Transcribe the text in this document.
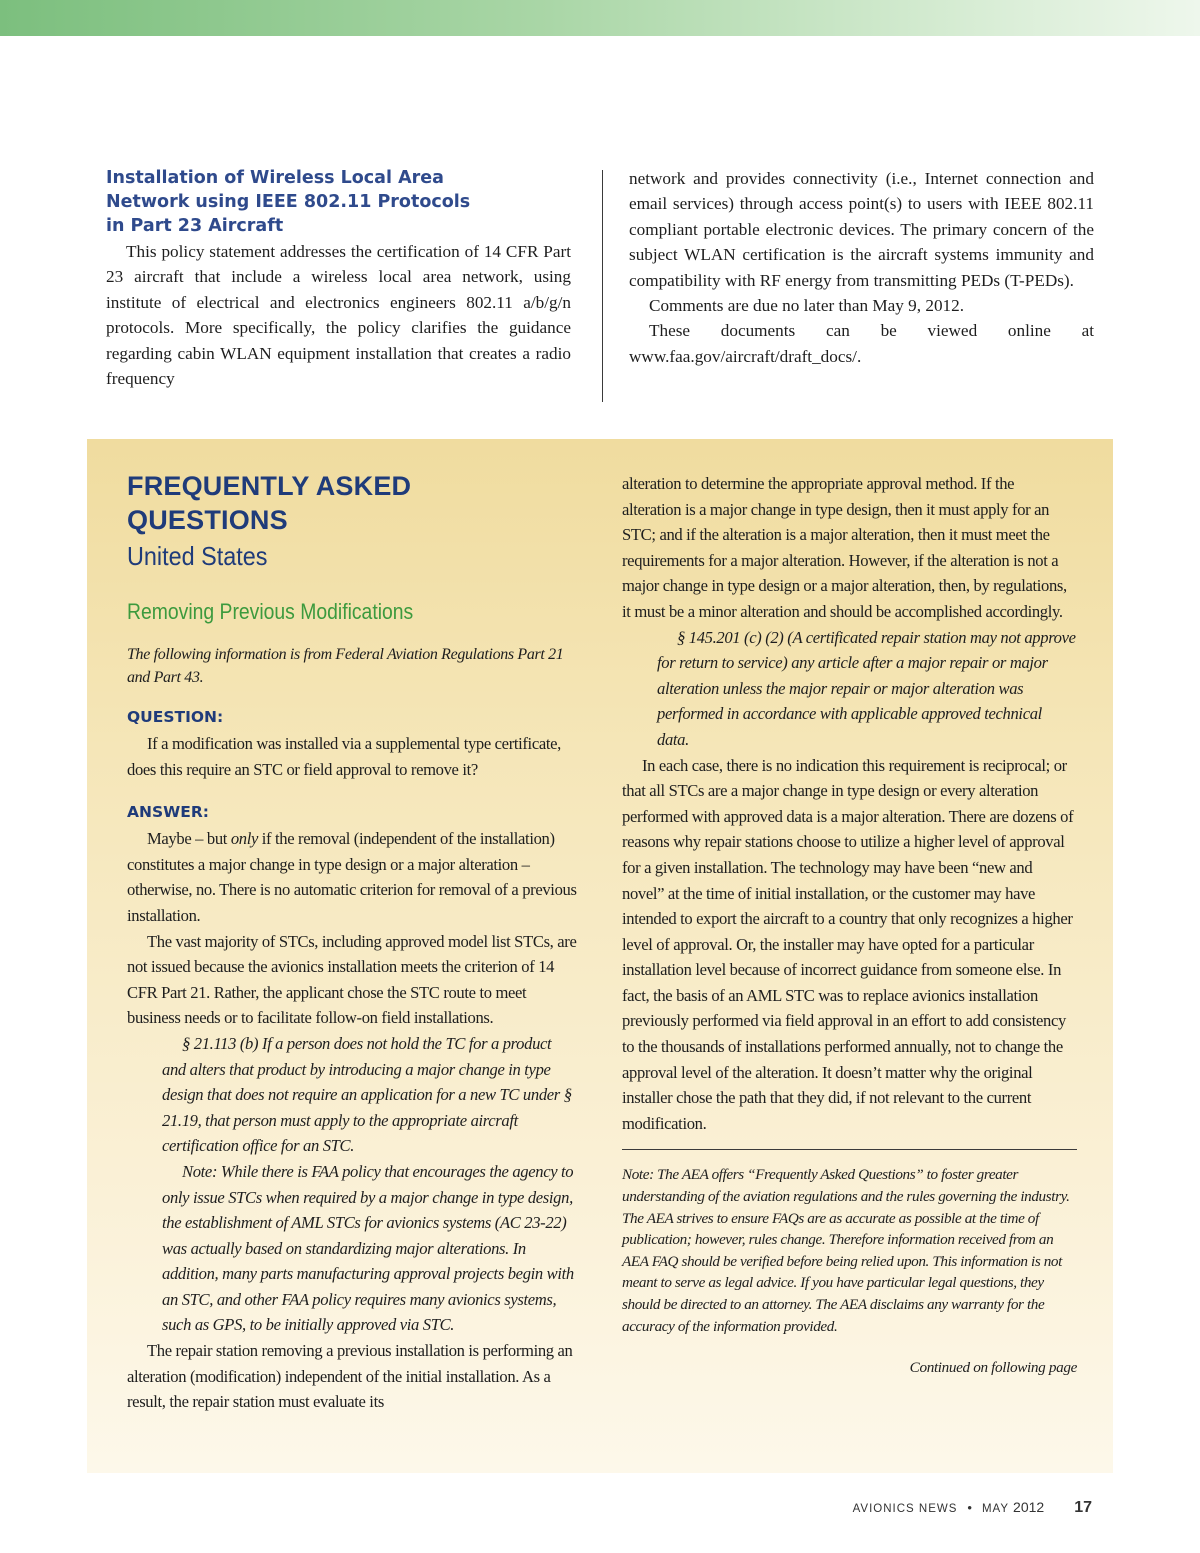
Installation of Wireless Local Area
Network using IEEE 802.11 Protocols
in Part 23 Aircraft

This policy statement addresses the certification of 14 CFR Part 23 aircraft that include a wireless local area network, using institute of electrical and electronics engineers 802.11 a/b/g/n protocols. More specifically, the policy clarifies the guidance regarding cabin WLAN equipment installation that creates a radio frequency

network and provides connectivity (i.e., Internet connection and email services) through access point(s) to users with IEEE 802.11 compliant portable electronic devices. The primary concern of the subject WLAN certification is the aircraft systems immunity and compatibility with RF energy from transmitting PEDs (T-PEDs).

Comments are due no later than May 9, 2012.

These documents can be viewed online at www.faa.gov/aircraft/draft_docs/.

FREQUENTLY ASKED QUESTIONS
United States
Removing Previous Modifications
The following information is from Federal Aviation Regulations Part 21 and Part 43.
QUESTION:

If a modification was installed via a supplemental type certificate, does this require an STC or field approval to remove it?

ANSWER:

Maybe – but only if the removal (independent of the installation) constitutes a major change in type design or a major alteration – otherwise, no. There is no automatic criterion for removal of a previous installation.

The vast majority of STCs, including approved model list STCs, are not issued because the avionics installation meets the criterion of 14 CFR Part 21. Rather, the applicant chose the STC route to meet business needs or to facilitate follow-on field installations.

§ 21.113 (b) If a person does not hold the TC for a product and alters that product by introducing a major change in type design that does not require an application for a new TC under § 21.19, that person must apply to the appropriate aircraft certification office for an STC.

Note: While there is FAA policy that encourages the agency to only issue STCs when required by a major change in type design, the establishment of AML STCs for avionics systems (AC 23-22) was actually based on standardizing major alterations. In addition, many parts manufacturing approval projects begin with an STC, and other FAA policy requires many avionics systems, such as GPS, to be initially approved via STC.

The repair station removing a previous installation is performing an alteration (modification) independent of the initial installation. As a result, the repair station must evaluate its

alteration to determine the appropriate approval method. If the alteration is a major change in type design, then it must apply for an STC; and if the alteration is a major alteration, then it must meet the requirements for a major alteration. However, if the alteration is not a major change in type design or a major alteration, then, by regulations, it must be a minor alteration and should be accomplished accordingly.

§ 145.201 (c) (2) (A certificated repair station may not approve for return to service) any article after a major repair or major alteration unless the major repair or major alteration was performed in accordance with applicable approved technical data.

In each case, there is no indication this requirement is reciprocal; or that all STCs are a major change in type design or every alteration performed with approved data is a major alteration. There are dozens of reasons why repair stations choose to utilize a higher level of approval for a given installation. The technology may have been “new and novel” at the time of initial installation, or the customer may have intended to export the aircraft to a country that only recognizes a higher level of approval. Or, the installer may have opted for a particular installation level because of incorrect guidance from someone else. In fact, the basis of an AML STC was to replace avionics installation previously performed via field approval in an effort to add consistency to the thousands of installations performed annually, not to change the approval level of the alteration. It doesn’t matter why the original installer chose the path that they did, if not relevant to the current modification.

Note: The AEA offers “Frequently Asked Questions” to foster greater understanding of the aviation regulations and the rules governing the industry. The AEA strives to ensure FAQs are as accurate as possible at the time of publication; however, rules change. Therefore information received from an AEA FAQ should be verified before being relied upon. This information is not meant to serve as legal advice. If you have particular legal questions, they should be directed to an attorney. The AEA disclaims any warranty for the accuracy of the information provided.
Continued on following page
AVIONICS NEWS • MAY 2012 17
